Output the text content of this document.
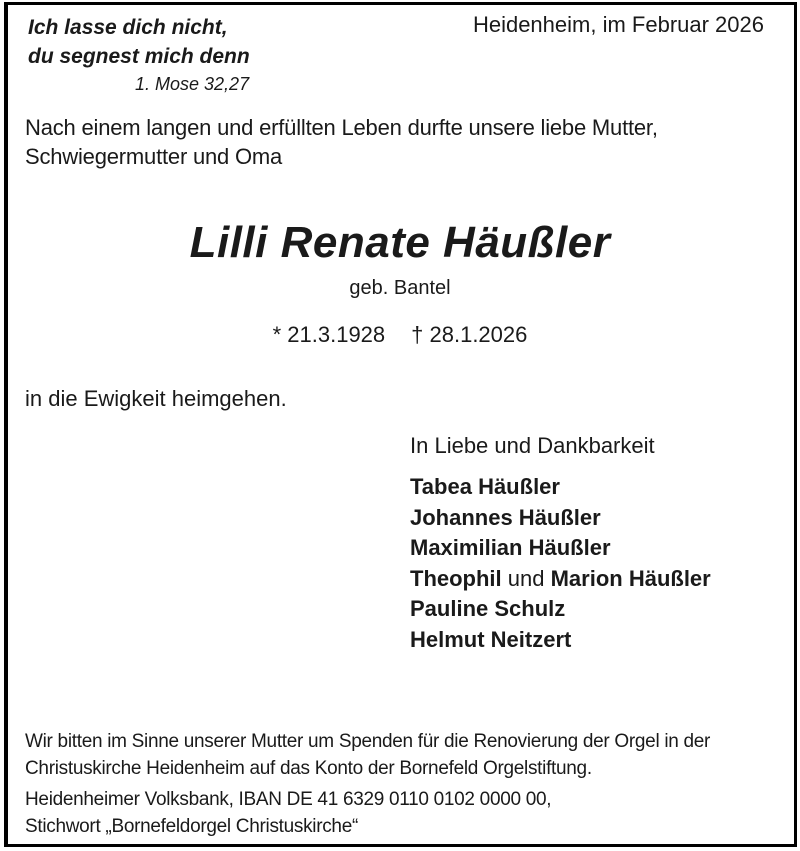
Ich lasse dich nicht,
du segnest mich denn
1. Mose 32,27
Heidenheim, im Februar 2026
Nach einem langen und erfüllten Leben durfte unsere liebe Mutter,
Schwiegermutter und Oma
Lilli Renate Häußler
geb. Bantel
* 21.3.1928 † 28.1.2026
in die Ewigkeit heimgehen.
In Liebe und Dankbarkeit
Tabea Häußler
Johannes Häußler
Maximilian Häußler
Theophil und Marion Häußler
Pauline Schulz
Helmut Neitzert
Wir bitten im Sinne unserer Mutter um Spenden für die Renovierung der Orgel in der
Christuskirche Heidenheim auf das Konto der Bornefeld Orgelstiftung.
Heidenheimer Volksbank, IBAN DE 41 6329 0110 0102 0000 00,
Stichwort „Bornefeldorgel Christuskirche“
